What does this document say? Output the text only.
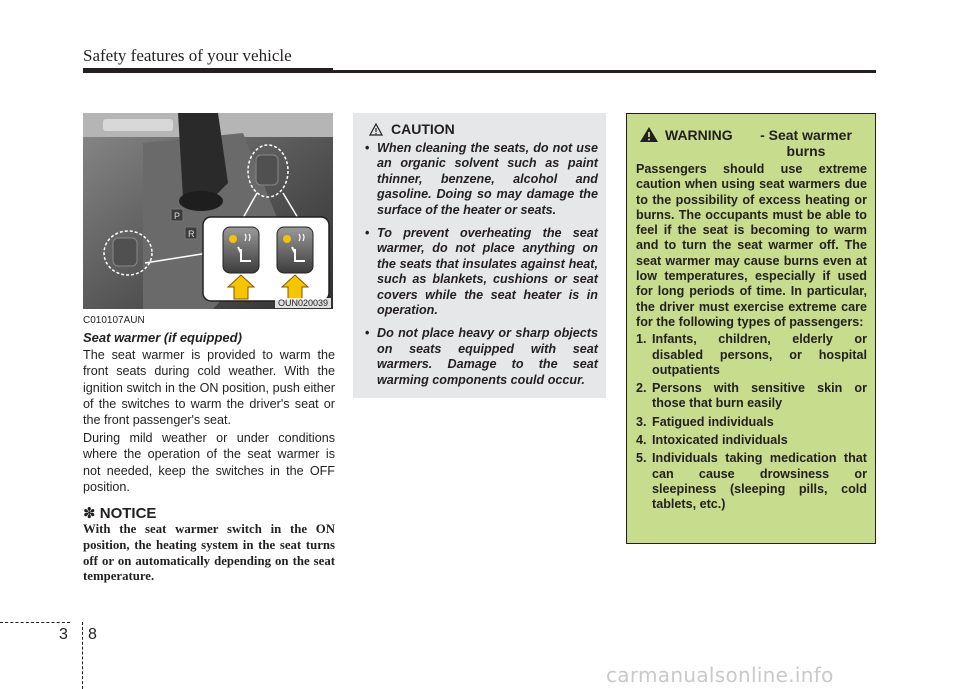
Safety features of your vehicle
P
R
OUN020039
C010107AUN
Seat warmer (if equipped)
The seat warmer is provided to warm the front seats during cold weather. With the ignition switch in the ON position, push either of the switches to warm the driver's seat or the front passenger's seat.
During mild weather or under conditions where the operation of the seat warmer is not needed, keep the switches in the OFF position.
✽ NOTICE
With the seat warmer switch in the ON position, the heating system in the seat turns off or on automatically depending on the seat temperature.
CAUTION
• When cleaning the seats, do not use an organic solvent such as paint thinner, benzene, alcohol and gasoline. Doing so may damage the surface of the heater or seats.
• To prevent overheating the seat warmer, do not place anything on the seats that insulates against heat, such as blankets, cushions or seat covers while the seat heater is in operation.
• Do not place heavy or sharp objects on seats equipped with seat warmers. Damage to the seat warming components could occur.
WARNING	- Seat warmer burns
Passengers should use extreme caution when using seat warmers due to the possibility of excess heating or burns. The occupants must be able to feel if the seat is becoming to warm and to turn the seat warmer off. The seat warmer may cause burns even at low temperatures, especially if used for long periods of time. In particular, the driver must exercise extreme care for the following types of passengers:
1. Infants, children, elderly or disabled persons, or hospital outpatients
2. Persons with sensitive skin or those that burn easily
3. Fatigued individuals
4. Intoxicated individuals
5. Individuals taking medication that can cause drowsiness or sleepiness (sleeping pills, cold tablets, etc.)
3 8
carmanualsonline.info
